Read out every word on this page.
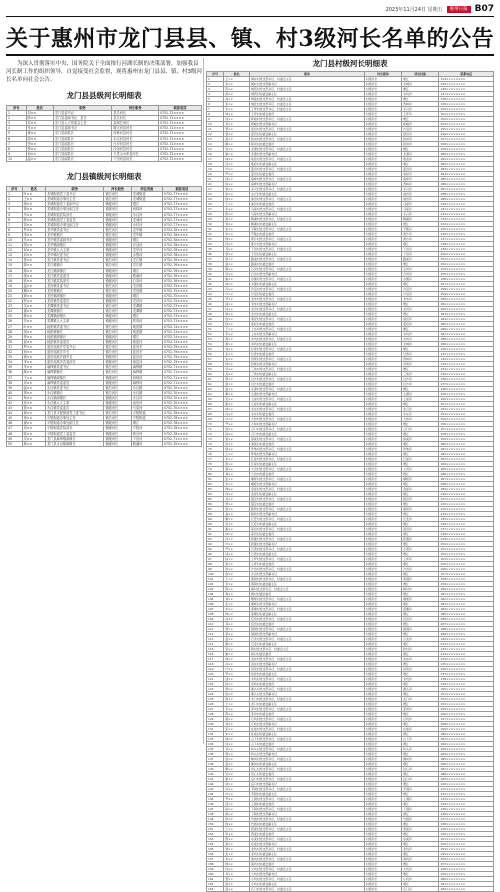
2023年11月24日 星期五	惠州日报 B07
关于惠州市龙门县县、镇、村3级河长名单的公告

为深入贯彻落实中央、国务院关于全面推行河湖长制的决策部署，加强我县河长制工作的组织领导，自觉接受社会监督，现将惠州市龙门县县、镇、村3级河长名单向社会公告。

龙门县县级河长明细表
序号	姓名	职务	河长职务	联系电话
1	刘××	龙门县委书记	县总河长	0752-72××××
2	陈××	龙门县委副书记、县长	县总河长	0752-72××××
3	邓××	龙门县人大常委会主任	县副总河长	0752-72××××
4	朱××	龙门县委副书记	增江河县河长	0752-72××××
5	黄××	龙门县副县长	西林河县河长	0752-72××××
6	廖××	龙门县副县长	永汉河县河长	0752-72××××
7	李××	龙门县副县长	白沙河县河长	0752-72××××
8	钟××	龙门县副县长	沙迳河县河长	0752-72××××
9	何××	龙门县副县长	天堂山水库县河长	0752-72××××
10	温××	龙门县副县长	下田河县河长	0752-72××××
龙门县镇级河长明细表
序号	姓名	职务	河长职务	所在河流	联系电话
1	叶××	龙城街道党工委书记	镇总河长	龙城街道	0752-77××××
2	王××	龙城街道办事处主任	镇总河长	龙城街道	0752-77××××
3	徐××	龙城街道党工委副书记	镇级河长	增江	0752-77××××
4	黄××	龙城街道办事处副主任	镇级河长	西林河	0752-77××××
5	冯××	龙城街道武装部长	镇级河长	永汉河	0752-77××××
6	钟××	龙城街道党工委委员	镇级河长	龙城河	0752-77××××
7	刘××	龙城街道办事处副主任	镇级河长	水坑河	0752-77××××
8	罗××	龙华镇党委书记	镇总河长	龙华镇	0752-78××××
9	李××	龙华镇镇长	镇总河长	龙华镇	0752-78××××
10	朱××	龙华镇党委副书记	镇级河长	增江	0752-78××××
11	郑××	龙华镇副镇长	镇级河长	沙迳河	0752-78××××
12	何××	龙华镇人大主席	镇级河长	龙华河	0752-78××××
13	邓××	龙华镇纪委书记	镇级河长	水围河	0752-78××××
14	曾××	龙江镇党委书记	镇总河长	龙江镇	0752-76××××
15	廖××	龙江镇镇长	镇总河长	龙江镇	0752-76××××
16	陈××	龙江镇副镇长	镇级河长	增江	0752-76××××
17	梁××	龙江镇党委委员	镇级河长	路溪河	0752-76××××
18	欧××	龙江镇武装部长	镇级河长	石岗河	0752-76××××
19	温××	龙田镇党委书记	镇总河长	龙田镇	0752-75××××
20	赖××	龙田镇镇长	镇总河长	龙田镇	0752-75××××
21	黄××	龙田镇副镇长	镇级河长	增江	0752-75××××
22	张××	龙田镇党委委员	镇级河长	龙田河	0752-75××××
23	吴××	龙潭镇党委书记	镇总河长	龙潭镇	0752-73××××
24	谢××	龙潭镇镇长	镇总河长	龙潭镇	0752-73××××
25	林××	龙潭镇副镇长	镇级河长	增江	0752-73××××
26	冯××	龙潭镇人大主席	镇级河长	铁岗河	0752-73××××
27	叶××	地派镇党委书记	镇总河长	地派镇	0752-74××××
28	刘××	地派镇镇长	镇总河长	地派镇	0752-74××××
29	钟××	地派镇副镇长	镇级河长	增江	0752-74××××
30	邱××	地派镇党委委员	镇级河长	地派河	0752-74××××
31	罗××	蓝田瑶族乡党委书记	镇总河长	蓝田乡	0752-79××××
32	何××	蓝田瑶族乡乡长	镇总河长	蓝田乡	0752-79××××
33	黄××	蓝田瑶族乡副乡长	镇级河长	蓝田河	0752-79××××
34	李××	蓝田瑶族乡武装部长	镇级河长	南昆河	0752-79××××
35	朱××	麻榨镇党委书记	镇总河长	麻榨镇	0752-71××××
36	陈××	麻榨镇镇长	镇总河长	麻榨镇	0752-71××××
37	王××	麻榨镇副镇长	镇级河长	西林河	0752-71××××
38	邓××	麻榨镇党委委员	镇级河长	麻榨河	0752-71××××
39	温××	永汉镇党委书记	镇总河长	永汉镇	0752-70××××
40	廖××	永汉镇镇长	镇总河长	永汉镇	0752-70××××
41	杨××	永汉镇副镇长	镇级河长	永汉河	0752-70××××
42	张××	永汉镇人大主席	镇级河长	油田河	0752-70××××
43	曾××	永汉镇党委委员	镇级河长	马星河	0752-70××××
44	黄××	龙门县平陵街道党工委书记	镇总河长	平陵街道	0752-78××××
45	徐××	平陵街道办事处主任	镇总河长	平陵街道	0752-78××××
46	谢××	平陵街道办事处副主任	镇级河长	增江	0752-78××××
47	刘××	平陵街道武装部长	镇级河长	平陵河	0752-78××××
48	欧××	平陵街道党工委委员	镇级河长	黄沙河	0752-78××××
49	吴××	龙门县麻榨镇副镇长	镇级河长	下田河	0752-71××××
50	林××	龙门县永汉镇副镇长	镇级河长	鹤湖河	0752-70××××
龙门县村级河长明细表
序号	姓名	职务	河长职务	所在河流	联系电话
1	王××	城东村党支部书记、村委会主任	村级河长	增江	134××××××××
2	李××	城东村党支部副书记	村级河长	龙城河	135××××××××
3	陈××	城西村党支部书记、村委会主任	村级河长	增江	136××××××××
4	黄××	城西村村委会副主任	村级河长	水坑河	137××××××××
5	刘××	城南村党支部书记、村委会主任	村级河长	增江	138××××××××
6	张××	城北村党支部书记、村委会主任	村级河长	西林河	139××××××××
7	朱××	王坪村党支部书记、村委会主任	村级河长	永汉河	150××××××××
8	钟××	王坪村村委会委员	村级河长	王坪河	151××××××××
9	何××	新楼村党支部书记、村委会主任	村级河长	增江	152××××××××
10	邓××	新楼村党支部副书记	村级河长	新楼河	153××××××××
11	曾××	廖田村党支部书记、村委会主任	村级河长	沙迳河	155××××××××
12	廖××	廖田村村委会副主任	村级河长	廖田河	156××××××××
13	温××	铁岗村党支部书记、村委会主任	村级河长	铁岗河	157××××××××
14	赖××	铁岗村村委会委员	村级河长	铁岗河	158××××××××
15	吴××	龙潭村党支部书记、村委会主任	村级河长	增江	159××××××××
16	谢××	龙潭村党支部副书记	村级河长	龙潭河	180××××××××
17	林××	地派村党支部书记、村委会主任	村级河长	地派河	181××××××××
18	冯××	地派村村委会副主任	村级河长	增江	182××××××××
19	叶××	蓝田村党支部书记、村委会主任	村级河长	蓝田河	183××××××××
20	罗××	蓝田村村委会委员	村级河长	南昆河	184××××××××
21	邱××	麻榨村党支部书记、村委会主任	村级河长	麻榨河	185××××××××
22	杨××	麻榨村党支部副书记	村级河长	西林河	186××××××××
23	梁××	永汉村党支部书记、村委会主任	村级河长	永汉河	187××××××××
24	欧××	永汉村村委会副主任	村级河长	油田河	188××××××××
25	徐××	油田村党支部书记、村委会主任	村级河长	油田河	189××××××××
26	王××	油田村村委会委员	村级河长	马星河	130××××××××
27	李××	马星村党支部书记、村委会主任	村级河长	马星河	131××××××××
28	陈××	马星村党支部副书记	村级河长	永汉河	132××××××××
29	黄××	鹤湖村党支部书记、村委会主任	村级河长	鹤湖河	133××××××××
30	刘××	鹤湖村村委会副主任	村级河长	增江	134××××××××
31	张××	平陵村党支部书记、村委会主任	村级河长	平陵河	135××××××××
32	朱××	平陵村村委会委员	村级河长	黄沙河	136××××××××
33	钟××	黄沙村党支部书记、村委会主任	村级河长	黄沙河	137××××××××
34	何××	黄沙村党支部副书记	村级河长	增江	138××××××××
35	邓××	下田村党支部书记、村委会主任	村级河长	下田河	139××××××××
36	曾××	下田村村委会副主任	村级河长	下田河	150××××××××
37	廖××	路溪村党支部书记、村委会主任	村级河长	路溪河	151××××××××
38	温××	路溪村村委会委员	村级河长	增江	152××××××××
39	赖××	石岗村党支部书记、村委会主任	村级河长	石岗河	153××××××××
40	吴××	石岗村党支部副书记	村级河长	石岗河	155××××××××
41	谢××	水围村党支部书记、村委会主任	村级河长	水围河	156××××××××
42	林××	水围村村委会副主任	村级河长	增江	157××××××××
43	冯××	沙迳村党支部书记、村委会主任	村级河长	沙迳河	158××××××××
44	叶××	沙迳村村委会委员	村级河长	沙迳河	159××××××××
45	罗××	龙华村党支部书记、村委会主任	村级河长	龙华河	180××××××××
46	邱××	龙华村党支部副书记	村级河长	增江	181××××××××
47	杨××	龙田村党支部书记、村委会主任	村级河长	龙田河	182××××××××
48	梁××	龙田村村委会副主任	村级河长	增江	183××××××××
49	欧××	南昆村党支部书记、村委会主任	村级河长	南昆河	184××××××××
50	徐××	南昆村村委会委员	村级河长	蓝田河	185××××××××
51	王××	上东村党支部书记、村委会主任	村级河长	增江	186××××××××
52	李××	上东村党支部副书记	村级河长	水坑河	187××××××××
53	陈××	水坑村党支部书记、村委会主任	村级河长	水坑河	188××××××××
54	黄××	水坑村村委会副主任	村级河长	龙城河	189××××××××
55	刘××	甘香村党支部书记、村委会主任	村级河长	增江	130××××××××
56	张××	甘香村村委会委员	村级河长	甘香河	131××××××××
57	朱××	田尾村党支部书记、村委会主任	村级河长	西林河	132××××××××
58	钟××	田尾村党支部副书记	村级河长	田尾河	133××××××××
59	何××	三角村党支部书记、村委会主任	村级河长	增江	134××××××××
60	邓××	三角村村委会副主任	村级河长	三角河	135××××××××
61	曾××	白沙村党支部书记、村委会主任	村级河长	白沙河	136××××××××
62	廖××	白沙村村委会委员	村级河长	白沙河	137××××××××
63	温××	左潭村党支部书记、村委会主任	村级河长	增江	138××××××××
64	赖××	左潭村党支部副书记	村级河长	左潭河	139××××××××
65	吴××	七星村党支部书记、村委会主任	村级河长	七星河	150××××××××
66	谢××	七星村村委会副主任	村级河长	增江	151××××××××
67	林××	永东村党支部书记、村委会主任	村级河长	永汉河	152××××××××
68	冯××	永东村村委会委员	村级河长	永东河	153××××××××
69	叶××	九和村党支部书记、村委会主任	村级河长	九和河	155××××××××
70	罗××	九和村党支部副书记	村级河长	增江	156××××××××
71	邱××	合口村党支部书记、村委会主任	村级河长	合口河	157××××××××
72	杨××	合口村村委会副主任	村级河长	增江	158××××××××
73	梁××	绿溪村党支部书记、村委会主任	村级河长	绿溪河	159××××××××
74	欧××	绿溪村村委会委员	村级河长	增江	180××××××××
75	徐××	坪地村党支部书记、村委会主任	村级河长	坪地河	181××××××××
76	王××	坪地村党支部副书记	村级河长	增江	182××××××××
77	李××	红星村党支部书记、村委会主任	村级河长	红星河	183××××××××
78	陈××	红星村村委会副主任	村级河长	增江	184××××××××
79	黄××	大田村党支部书记、村委会主任	村级河长	大田河	185××××××××
80	刘××	大田村村委会委员	村级河长	增江	186××××××××
81	张××	横槎村党支部书记、村委会主任	村级河长	横槎河	187××××××××
82	朱××	横槎村党支部副书记	村级河长	增江	188××××××××
83	钟××	金星村党支部书记、村委会主任	村级河长	金星河	189××××××××
84	何××	金星村村委会副主任	村级河长	增江	130××××××××
85	邓××	富足村党支部书记、村委会主任	村级河长	富足河	131××××××××
86	曾××	富足村村委会委员	村级河长	增江	132××××××××
87	廖××	联和村党支部书记、村委会主任	村级河长	联和河	133××××××××
88	温××	联和村党支部副书记	村级河长	增江	134××××××××
89	赖××	长安村党支部书记、村委会主任	村级河长	长安河	135××××××××
90	吴××	长安村村委会副主任	村级河长	增江	136××××××××
91	谢××	高田村党支部书记、村委会主任	村级河长	高田河	137××××××××
92	林××	高田村村委会委员	村级河长	增江	138××××××××
93	冯××	新围村党支部书记、村委会主任	村级河长	新围河	139××××××××
94	叶××	新围村党支部副书记	村级河长	增江	150××××××××
95	罗××	石湾村党支部书记、村委会主任	村级河长	石湾河	151××××××××
96	邱××	石湾村村委会副主任	村级河长	增江	152××××××××
97	杨××	上坪村党支部书记、村委会主任	村级河长	上坪河	153××××××××
98	梁××	上坪村村委会委员	村级河长	增江	155××××××××
99	欧××	沙田村党支部书记、村委会主任	村级河长	沙田河	156××××××××
100	徐××	沙田村党支部副书记	村级河长	增江	157××××××××
101	王××	黄洞村党支部书记、村委会主任	村级河长	黄洞河	158××××××××
102	李××	黄洞村村委会副主任	村级河长	增江	159××××××××
103	陈××	梅村党支部书记、村委会主任	村级河长	梅村河	180××××××××
104	黄××	梅村村委会委员	村级河长	增江	181××××××××
105	刘××	塘尾村党支部书记、村委会主任	村级河长	塘尾河	182××××××××
106	张××	塘尾村党支部副书记	村级河长	增江	183××××××××
107	朱××	莲塘村党支部书记、村委会主任	村级河长	莲塘河	184××××××××
108	钟××	莲塘村村委会副主任	村级河长	增江	185××××××××
109	何××	官田村党支部书记、村委会主任	村级河长	官田河	186××××××××
110	邓××	官田村村委会委员	村级河长	增江	187××××××××
111	曾××	园洞村党支部书记、村委会主任	村级河长	园洞河	188××××××××
112	廖××	园洞村党支部副书记	村级河长	增江	189××××××××
113	温××	石龙村党支部书记、村委会主任	村级河长	石龙河	130××××××××
114	赖××	石龙村村委会副主任	村级河长	增江	131××××××××
115	吴××	新村党支部书记、村委会主任	村级河长	新村河	132××××××××
116	谢××	新村村委会委员	村级河长	增江	133××××××××
117	林××	双东村党支部书记、村委会主任	村级河长	双东河	134××××××××
118	冯××	双东村党支部副书记	村级河长	增江	135××××××××
119	叶××	汤泉村党支部书记、村委会主任	村级河长	汤泉河	136××××××××
120	罗××	汤泉村村委会副主任	村级河长	增江	137××××××××
121	邱××	米坑村党支部书记、村委会主任	村级河长	米坑河	138××××××××
122	杨××	米坑村村委会委员	村级河长	增江	139××××××××
123	梁××	寨头村党支部书记、村委会主任	村级河长	寨头河	150××××××××
124	欧××	寨头村党支部副书记	村级河长	增江	151××××××××
125	徐××	龙口村党支部书记、村委会主任	村级河长	龙口河	152××××××××
126	王××	龙口村村委会副主任	村级河长	增江	153××××××××
127	李××	茅岗村党支部书记、村委会主任	村级河长	茅岗河	155××××××××
128	陈××	茅岗村村委会委员	村级河长	增江	156××××××××
129	黄××	石坑村党支部书记、村委会主任	村级河长	石坑河	157××××××××
130	刘××	石坑村党支部副书记	村级河长	增江	158××××××××
131	张××	社前村党支部书记、村委会主任	村级河长	社前河	159××××××××
132	朱××	社前村村委会副主任	村级河长	增江	180××××××××
133	钟××	山下村党支部书记、村委会主任	村级河长	山下河	181××××××××
134	何××	山下村村委会委员	村级河长	增江	182××××××××
135	邓××	岭头村党支部书记、村委会主任	村级河长	岭头河	183××××××××
136	曾××	岭头村党支部副书记	村级河长	增江	184××××××××
137	廖××	佛岗村党支部书记、村委会主任	村级河长	佛岗河	185××××××××
138	温××	佛岗村村委会副主任	村级河长	增江	186××××××××
139	赖××	田心村党支部书记、村委会主任	村级河长	田心河	187××××××××
140	吴××	田心村村委会委员	村级河长	增江	188××××××××
141	谢××	良口村党支部书记、村委会主任	村级河长	良口河	189××××××××
142	林××	良口村党支部副书记	村级河长	增江	130××××××××
143	冯××	禾洞村党支部书记、村委会主任	村级河长	禾洞河	131××××××××
144	叶××	禾洞村村委会副主任	村级河长	增江	132××××××××
145	罗××	上洞村党支部书记、村委会主任	村级河长	上洞河	133××××××××
146	邱××	上洞村村委会委员	村级河长	增江	134××××××××
147	杨××	下洞村党支部书记、村委会主任	村级河长	下洞河	135××××××××
148	梁××	下洞村党支部副书记	村级河长	增江	136××××××××
149	欧××	竹园村党支部书记、村委会主任	村级河长	竹园河	137××××××××
150	徐××	竹园村村委会副主任	村级河长	增江	138××××××××
151	王××	西溪村党支部书记、村委会主任	村级河长	西溪河	139××××××××
152	李××	西溪村村委会委员	村级河长	增江	150××××××××
153	陈××	东溪村党支部书记、村委会主任	村级河长	东溪河	151××××××××
154	黄××	东溪村党支部副书记	村级河长	增江	152××××××××
155	刘××	北坑村党支部书记、村委会主任	村级河长	北坑河	153××××××××
156	张××	北坑村村委会副主任	村级河长	增江	155××××××××
157	朱××	南坑村党支部书记、村委会主任	村级河长	南坑河	156××××××××
158	钟××	南坑村村委会委员	村级河长	增江	157××××××××
159	何××	大坑村党支部书记、村委会主任	村级河长	大坑河	158××××××××
160	邓××	大坑村党支部副书记	村级河长	增江	159××××××××
161	曾××	小坑村党支部书记、村委会主任	村级河长	小坑河	180××××××××
162	廖××	小坑村村委会副主任	村级河长	增江	181××××××××
163	温××	石门村党支部书记、村委会主任	村级河长	石门河	182××××××××
